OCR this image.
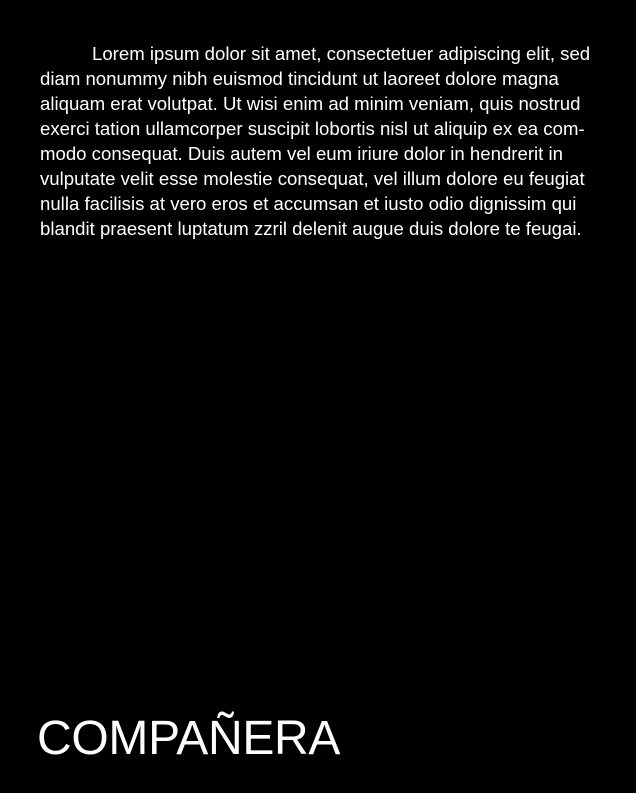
Lorem ipsum dolor sit amet, consectetuer adipiscing elit, sed
diam nonummy nibh euismod tincidunt ut laoreet dolore magna
aliquam erat volutpat. Ut wisi enim ad minim veniam, quis nostrud
exerci tation ullamcorper suscipit lobortis nisl ut aliquip ex ea com-
modo consequat. Duis autem vel eum iriure dolor in hendrerit in
vulputate velit esse molestie consequat, vel illum dolore eu feugiat
nulla facilisis at vero eros et accumsan et iusto odio dignissim qui
blandit praesent luptatum zzril delenit augue duis dolore te feugai.
COMPAÑERA
